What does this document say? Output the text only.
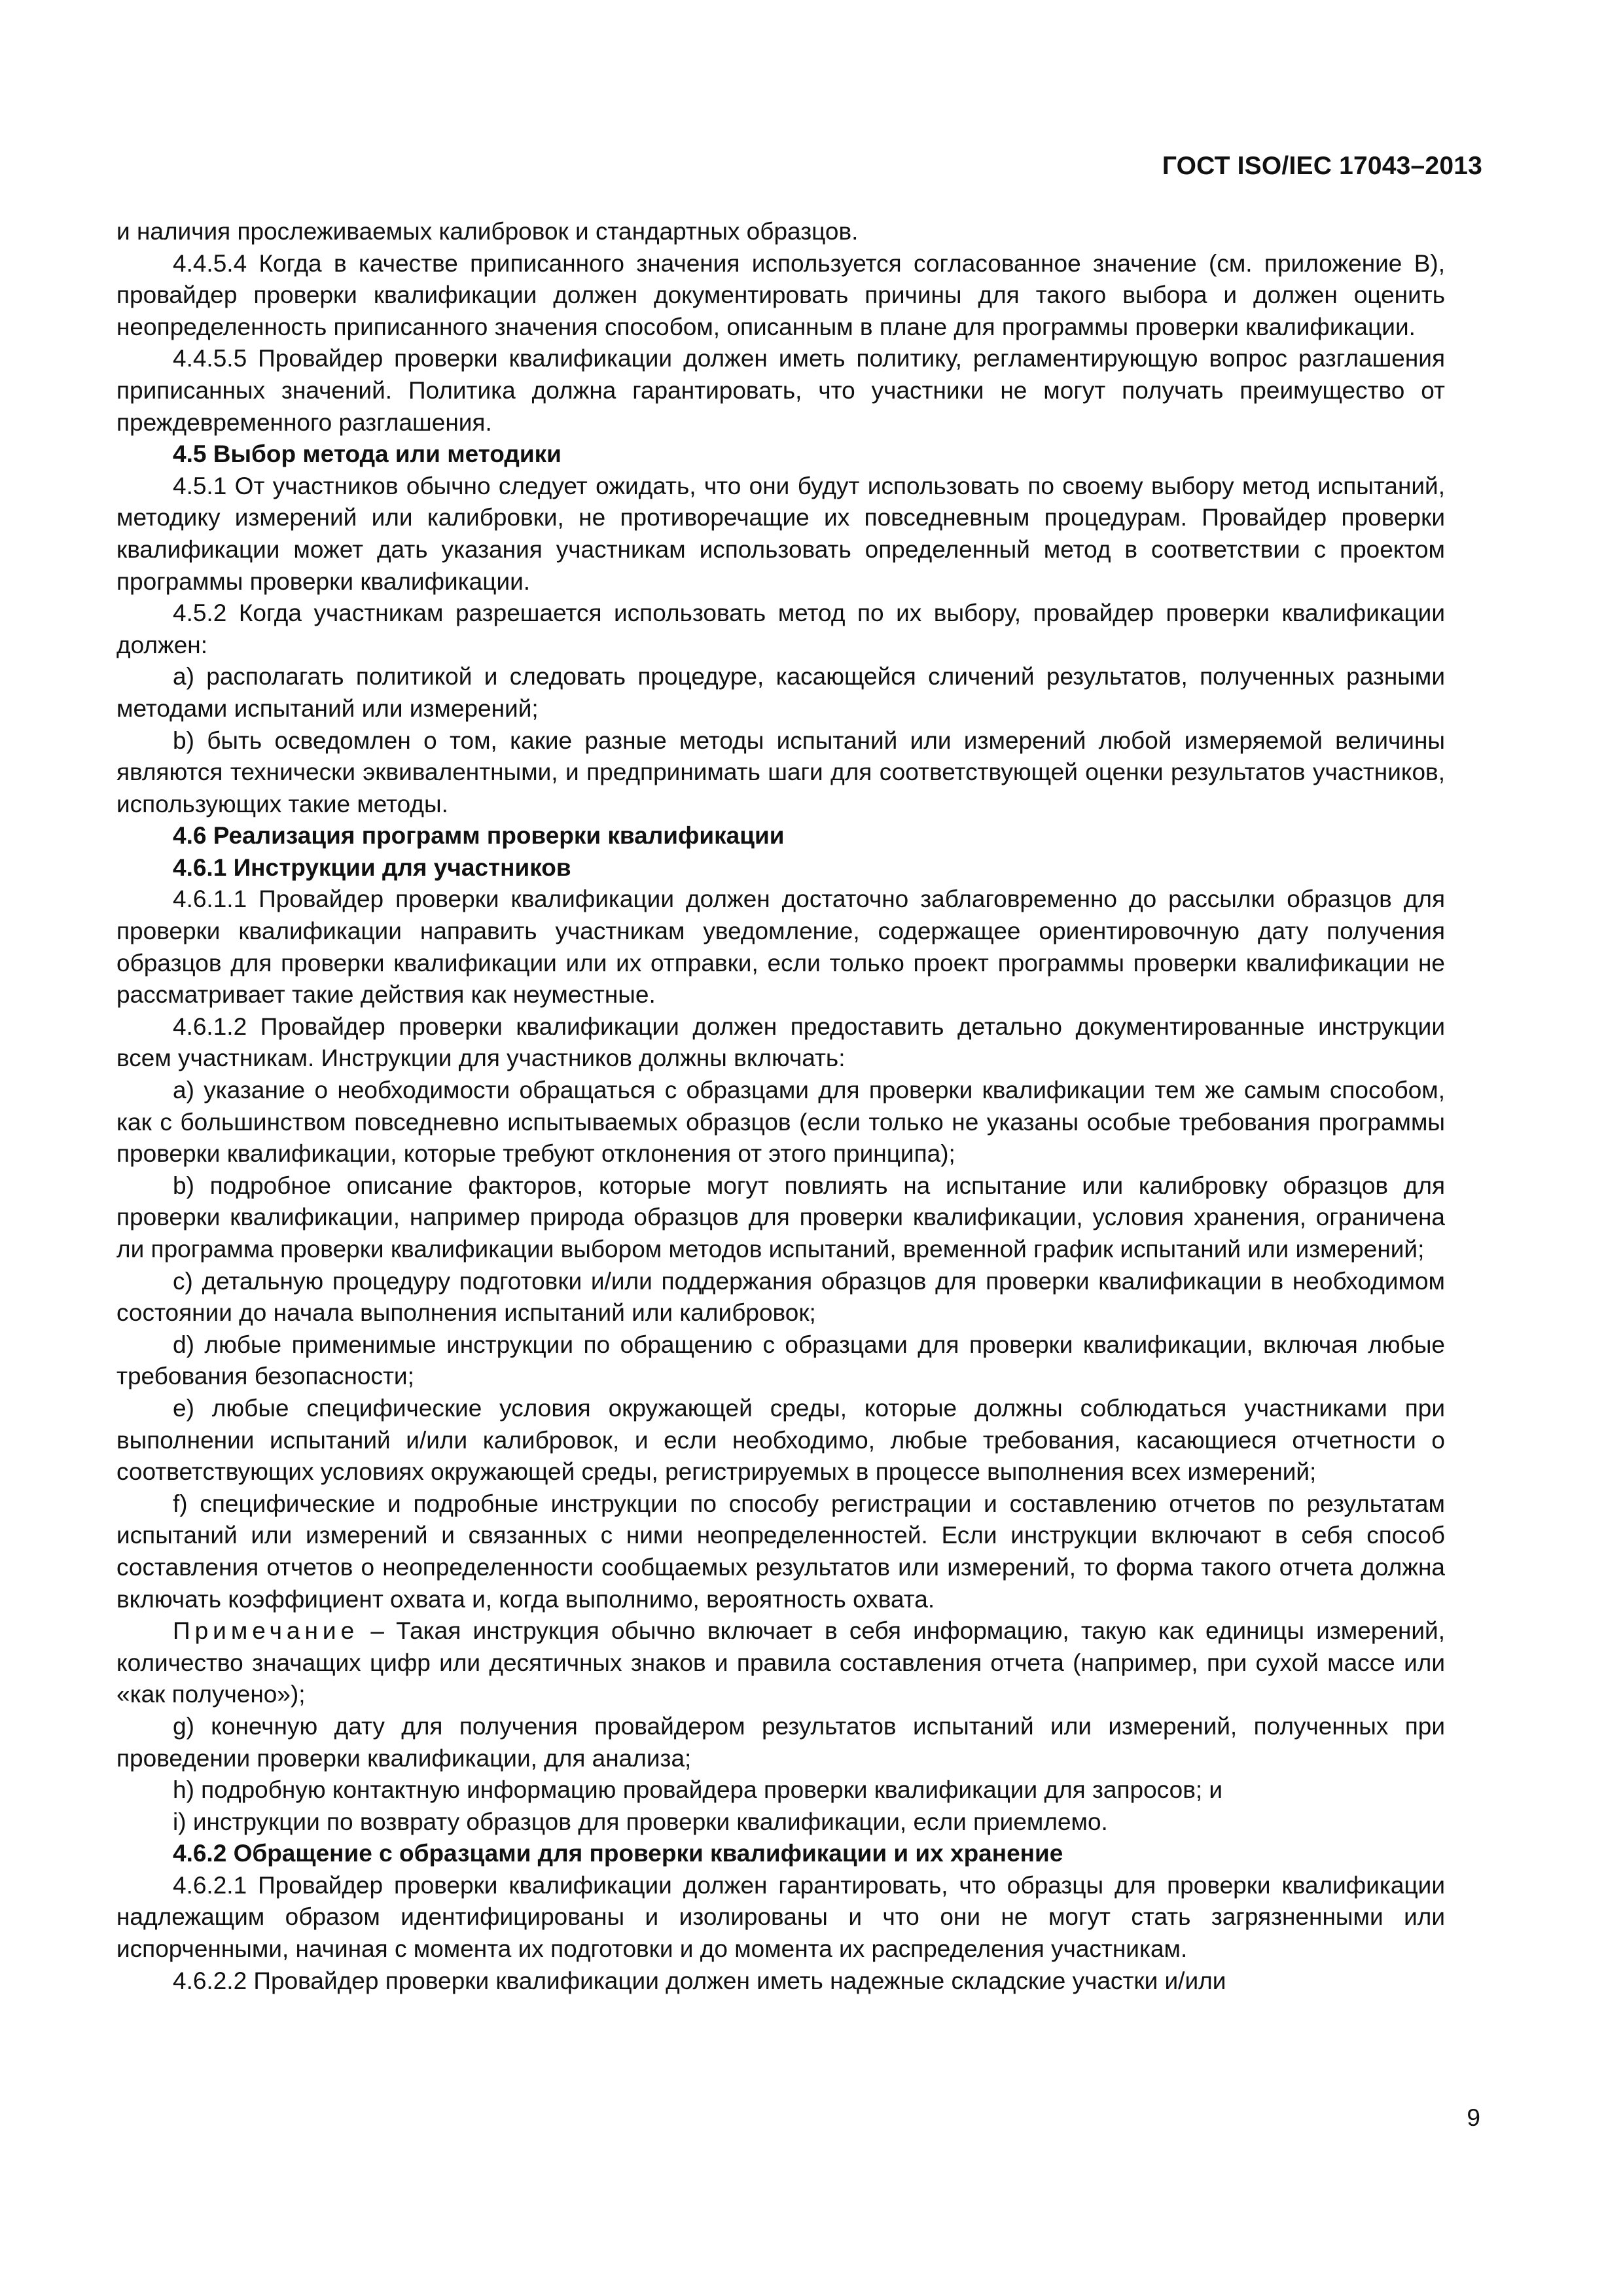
ГОСТ ISO/IEC 17043–2013

и наличия прослеживаемых калибровок и стандартных образцов.

4.4.5.4 Когда в качестве приписанного значения используется согласованное значение (см. приложение В), провайдер проверки квалификации должен документировать причины для такого выбора и должен оценить неопределенность приписанного значения способом, описанным в плане для программы проверки квалификации.

4.4.5.5 Провайдер проверки квалификации должен иметь политику, регламентирующую вопрос разглашения приписанных значений. Политика должна гарантировать, что участники не могут получать преимущество от преждевременного разглашения.

4.5 Выбор метода или методики

4.5.1 От участников обычно следует ожидать, что они будут использовать по своему выбору метод испытаний, методику измерений или калибровки, не противоречащие их повседневным процедурам. Провайдер проверки квалификации может дать указания участникам использовать определенный метод в соответствии с проектом программы проверки квалификации.

4.5.2 Когда участникам разрешается использовать метод по их выбору, провайдер проверки квалификации должен:

а) располагать политикой и следовать процедуре, касающейся сличений результатов, полученных разными методами испытаний или измерений;

b) быть осведомлен о том, какие разные методы испытаний или измерений любой измеряемой величины являются технически эквивалентными, и предпринимать шаги для соответствующей оценки результатов участников, использующих такие методы.

4.6 Реализация программ проверки квалификации

4.6.1 Инструкции для участников

4.6.1.1 Провайдер проверки квалификации должен достаточно заблаговременно до рассылки образцов для проверки квалификации направить участникам уведомление, содержащее ориентировочную дату получения образцов для проверки квалификации или их отправки, если только проект программы проверки квалификации не рассматривает такие действия как неуместные.

4.6.1.2 Провайдер проверки квалификации должен предоставить детально документированные инструкции всем участникам. Инструкции для участников должны включать:

а) указание о необходимости обращаться с образцами для проверки квалификации тем же самым способом, как с большинством повседневно испытываемых образцов (если только не указаны особые требования программы проверки квалификации, которые требуют отклонения от этого принципа);

b) подробное описание факторов, которые могут повлиять на испытание или калибровку образцов для проверки квалификации, например природа образцов для проверки квалификации, условия хранения, ограничена ли программа проверки квалификации выбором методов испытаний, временной график испытаний или измерений;

с) детальную процедуру подготовки и/или поддержания образцов для проверки квалификации в необходимом состоянии до начала выполнения испытаний или калибровок;

d) любые применимые инструкции по обращению с образцами для проверки квалификации, включая любые требования безопасности;

е) любые специфические условия окружающей среды, которые должны соблюдаться участниками при выполнении испытаний и/или калибровок, и если необходимо, любые требования, касающиеся отчетности о соответствующих условиях окружающей среды, регистрируемых в процессе выполнения всех измерений;

f) специфические и подробные инструкции по способу регистрации и составлению отчетов по результатам испытаний или измерений и связанных с ними неопределенностей. Если инструкции включают в себя способ составления отчетов о неопределенности сообщаемых результатов или измерений, то форма такого отчета должна включать коэффициент охвата и, когда выполнимо, вероятность охвата.

Примечание – Такая инструкция обычно включает в себя информацию, такую как единицы измерений, количество значащих цифр или десятичных знаков и правила составления отчета (например, при сухой массе или «как получено»);

g) конечную дату для получения провайдером результатов испытаний или измерений, полученных при проведении проверки квалификации, для анализа;

h) подробную контактную информацию провайдера проверки квалификации для запросов; и

i) инструкции по возврату образцов для проверки квалификации, если приемлемо.

4.6.2 Обращение с образцами для проверки квалификации и их хранение

4.6.2.1 Провайдер проверки квалификации должен гарантировать, что образцы для проверки квалификации надлежащим образом идентифицированы и изолированы и что они не могут стать загрязненными или испорченными, начиная с момента их подготовки и до момента их распределения участникам.

4.6.2.2 Провайдер проверки квалификации должен иметь надежные складские участки и/или

9
